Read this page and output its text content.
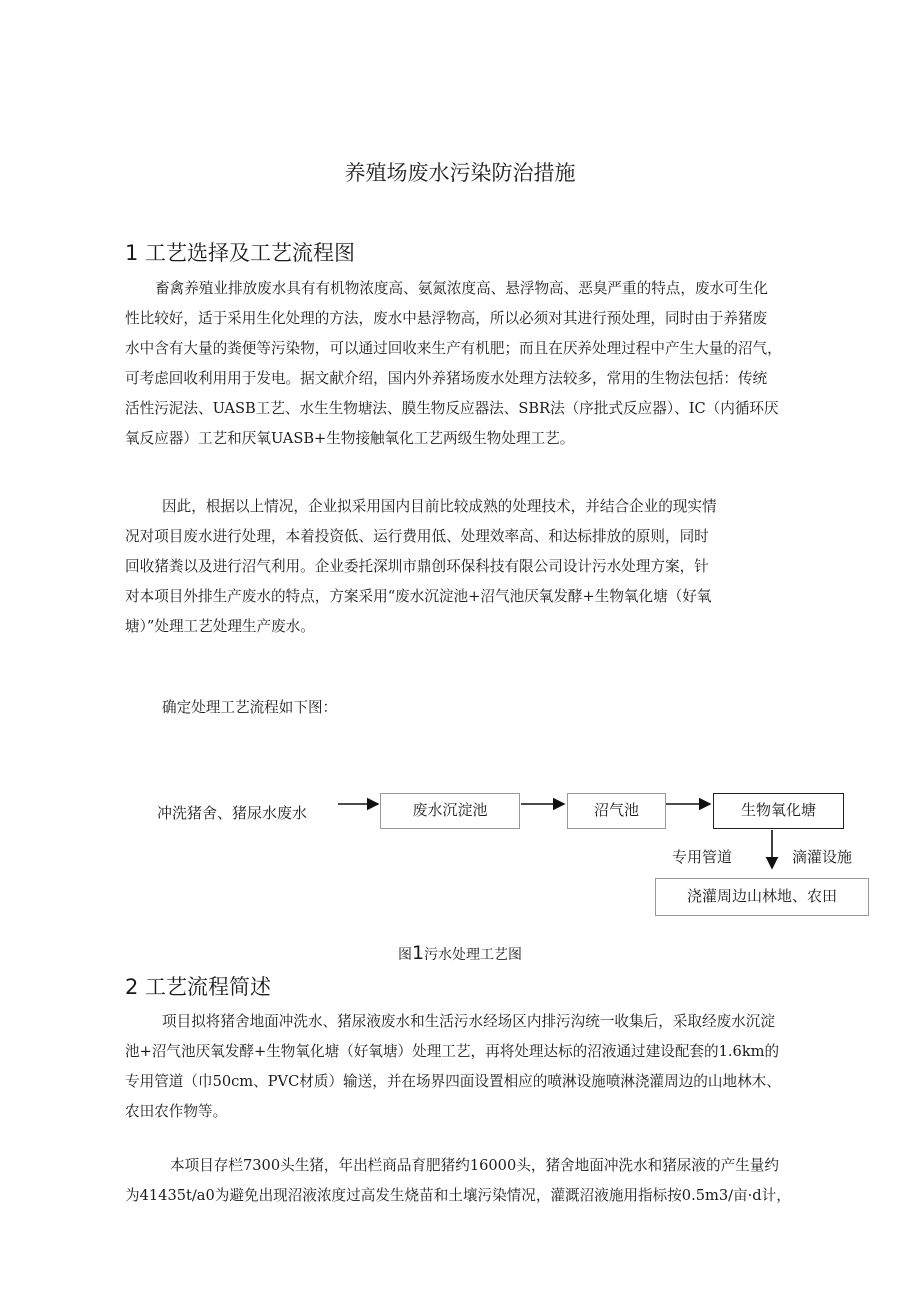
养殖场废水污染防治措施
1 工艺选择及工艺流程图
畜禽养殖业排放废水具有有机物浓度高、氨氮浓度高、悬浮物高、恶臭严重的特点，废水可生化
性比较好，适于采用生化处理的方法，废水中悬浮物高，所以必须对其进行预处理，同时由于养猪废
水中含有大量的粪便等污染物，可以通过回收来生产有机肥；而且在厌养处理过程中产生大量的沼气，
可考虑回收利用用于发电。据文献介绍，国内外养猪场废水处理方法较多，常用的生物法包括：传统
活性污泥法、UASB工艺、水生生物塘法、膜生物反应器法、SBR法（序批式反应器）、IC（内循环厌
氧反应器）工艺和厌氧UASB+生物接触氧化工艺两级生物处理工艺。
因此，根据以上情况，企业拟采用国内目前比较成熟的处理技术，并结合企业的现实情
况对项目废水进行处理，本着投资低、运行费用低、处理效率高、和达标排放的原则，同时
回收猪粪以及进行沼气利用。企业委托深圳市鼎创环保科技有限公司设计污水处理方案，针
对本项目外排生产废水的特点，方案采用“废水沉淀池+沼气池厌氧发酵+生物氧化塘（好氧
塘）”处理工艺处理生产废水。
确定处理工艺流程如下图：
冲洗猪舍、猪尿水废水	废水沉淀池	沼气池	生物氧化塘
专用管道	滴灌设施
浇灌周边山林地、农田
图1污水处理工艺图
2 工艺流程简述
项目拟将猪舍地面冲洗水、猪尿液废水和生活污水经场区内排污沟统一收集后，采取经废水沉淀
池+沼气池厌氧发酵+生物氧化塘（好氧塘）处理工艺，再将处理达标的沼液通过建设配套的1.6km的
专用管道（巾50cm、PVC材质）输送，并在场界四面设置相应的喷淋设施喷淋浇灌周边的山地林木、
农田农作物等。
本项目存栏7300头生猪，年出栏商品育肥猪约16000头，猪舍地面冲洗水和猪尿液的产生量约
为41435t∕a0为避免出现沼液浓度过高发生烧苗和土壤污染情况，灌溉沼液施用指标按0.5m3∕亩·d计，
